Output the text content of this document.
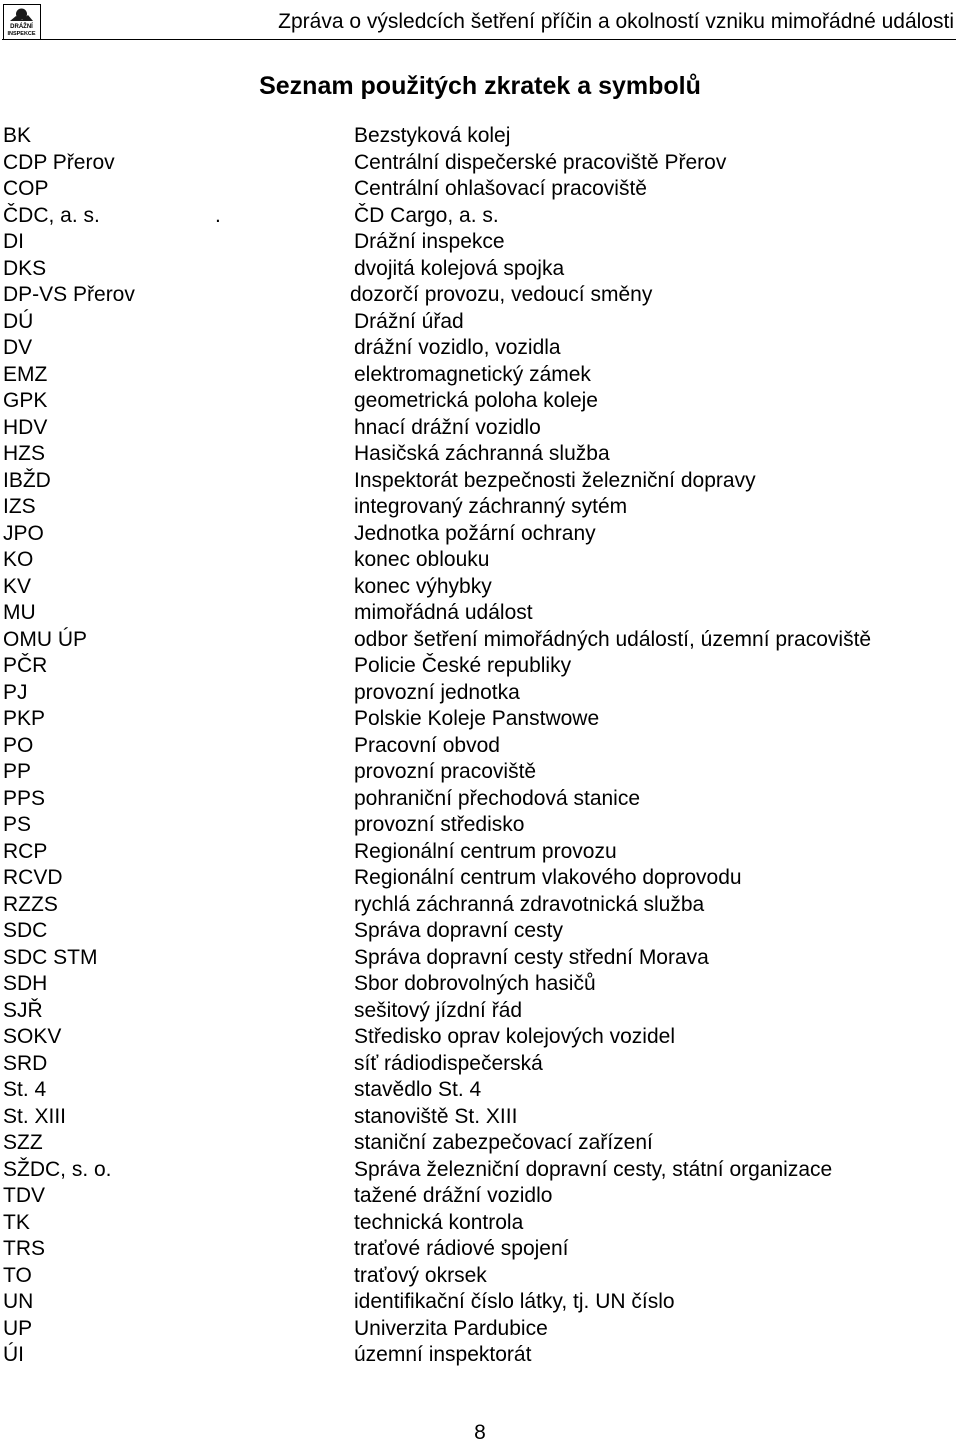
DRÁŽNÍ
INSPEKCE
Zpráva o výsledcích šetření příčin a okolností vzniku mimořádné události
Seznam použitých zkratek a symbolů
BK	Bezstyková kolej
CDP Přerov	Centrální dispečerské pracoviště Přerov
COP	Centrální ohlašovací pracoviště
ČDC, a. s.	.	ČD Cargo, a. s.
DI	Drážní inspekce
DKS	dvojitá kolejová spojka
DP-VS Přerov	dozorčí provozu, vedoucí směny
DÚ	Drážní úřad
DV	drážní vozidlo, vozidla
EMZ	elektromagnetický zámek
GPK	geometrická poloha koleje
HDV	hnací drážní vozidlo
HZS	Hasičská záchranná služba
IBŽD	Inspektorát bezpečnosti železniční dopravy
IZS	integrovaný záchranný sytém
JPO	Jednotka požární ochrany
KO	konec oblouku
KV	konec výhybky
MU	mimořádná událost
OMU ÚP	odbor šetření mimořádných událostí, územní pracoviště
PČR	Policie České republiky
PJ	provozní jednotka
PKP	Polskie Koleje Panstwowe
PO	Pracovní obvod
PP	provozní pracoviště
PPS	pohraniční přechodová stanice
PS	provozní středisko
RCP	Regionální centrum provozu
RCVD	Regionální centrum vlakového doprovodu
RZZS	rychlá záchranná zdravotnická služba
SDC	Správa dopravní cesty
SDC STM	Správa dopravní cesty střední Morava
SDH	Sbor dobrovolných hasičů
SJŘ	sešitový jízdní řád
SOKV	Středisko oprav kolejových vozidel
SRD	síť rádiodispečerská
St. 4	stavědlo St. 4
St. XIII	stanoviště St. XIII
SZZ	staniční zabezpečovací zařízení
SŽDC, s. o.	Správa železniční dopravní cesty, státní organizace
TDV	tažené drážní vozidlo
TK	technická kontrola
TRS	traťové rádiové spojení
TO	traťový okrsek
UN	identifikační číslo látky, tj. UN číslo
UP	Univerzita Pardubice
ÚI	územní inspektorát
8
